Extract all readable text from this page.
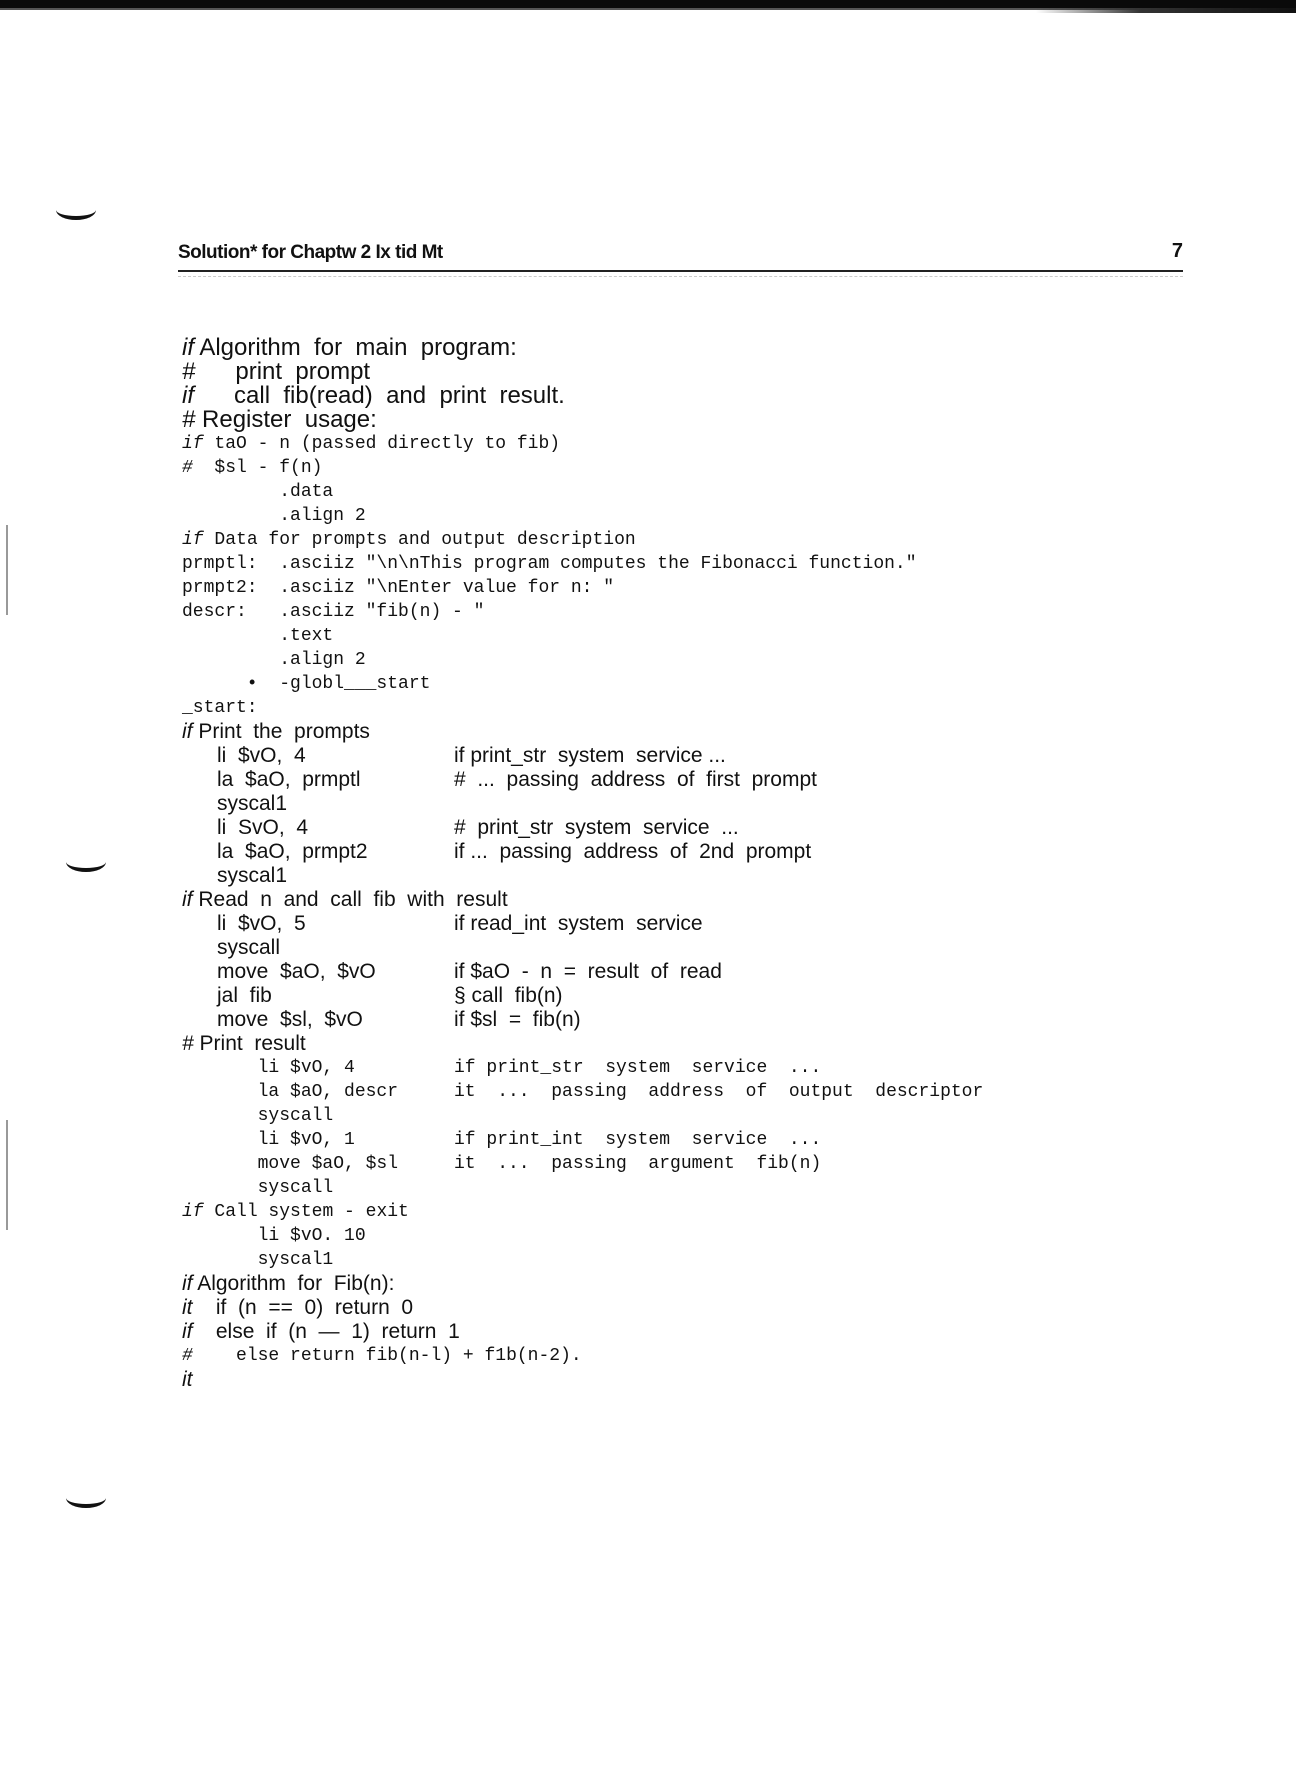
Solution* for Chaptw 2 Ix tid Mt	7
if Algorithm  for  main  program:
#      print  prompt
if      call  fib(read)  and  print  result.
# Register  usage:
if taO - n (passed directly to fib)
#  $sl - f(n)
.data
.align 2
if Data for prompts and output description
prmptl:  .asciiz "\n\nThis program computes the Fibonacci function."
prmpt2:  .asciiz "\nEnter value for n: "
descr:   .asciiz "fib(n) - "
.text
.align 2
•  -globl___start
_start:
if Print  the  prompts
li  $vO,  4	if print_str  system  service ...
la  $aO,  prmptl	#  ...  passing  address  of  first  prompt
syscal1
li  SvO,  4	#  print_str  system  service  ...
la  $aO,  prmpt2	if ...  passing  address  of  2nd  prompt
syscal1
if Read  n  and  call  fib  with  result
li  $vO,  5	if read_int  system  service
syscall
move  $aO,  $vO	if $aO  -  n  =  result  of  read
jal  fib	§ call  fib(n)
move  $sl,  $vO	if $sl  =  fib(n)
# Print  result
li $vO, 4	if print_str  system  service  ...
la $aO, descr	it  ...  passing  address  of  output  descriptor
syscall
li $vO, 1	if print_int  system  service  ...
move $aO, $sl	it  ...  passing  argument  fib(n)
syscall
if Call system - exit
li $vO. 10
syscal1
if Algorithm  for  Fib(n):
it    if  (n  ==  0)  return  0
if    else  if  (n  —  1)  return  1
#    else return fib(n-l) + f1b(n-2).
it
